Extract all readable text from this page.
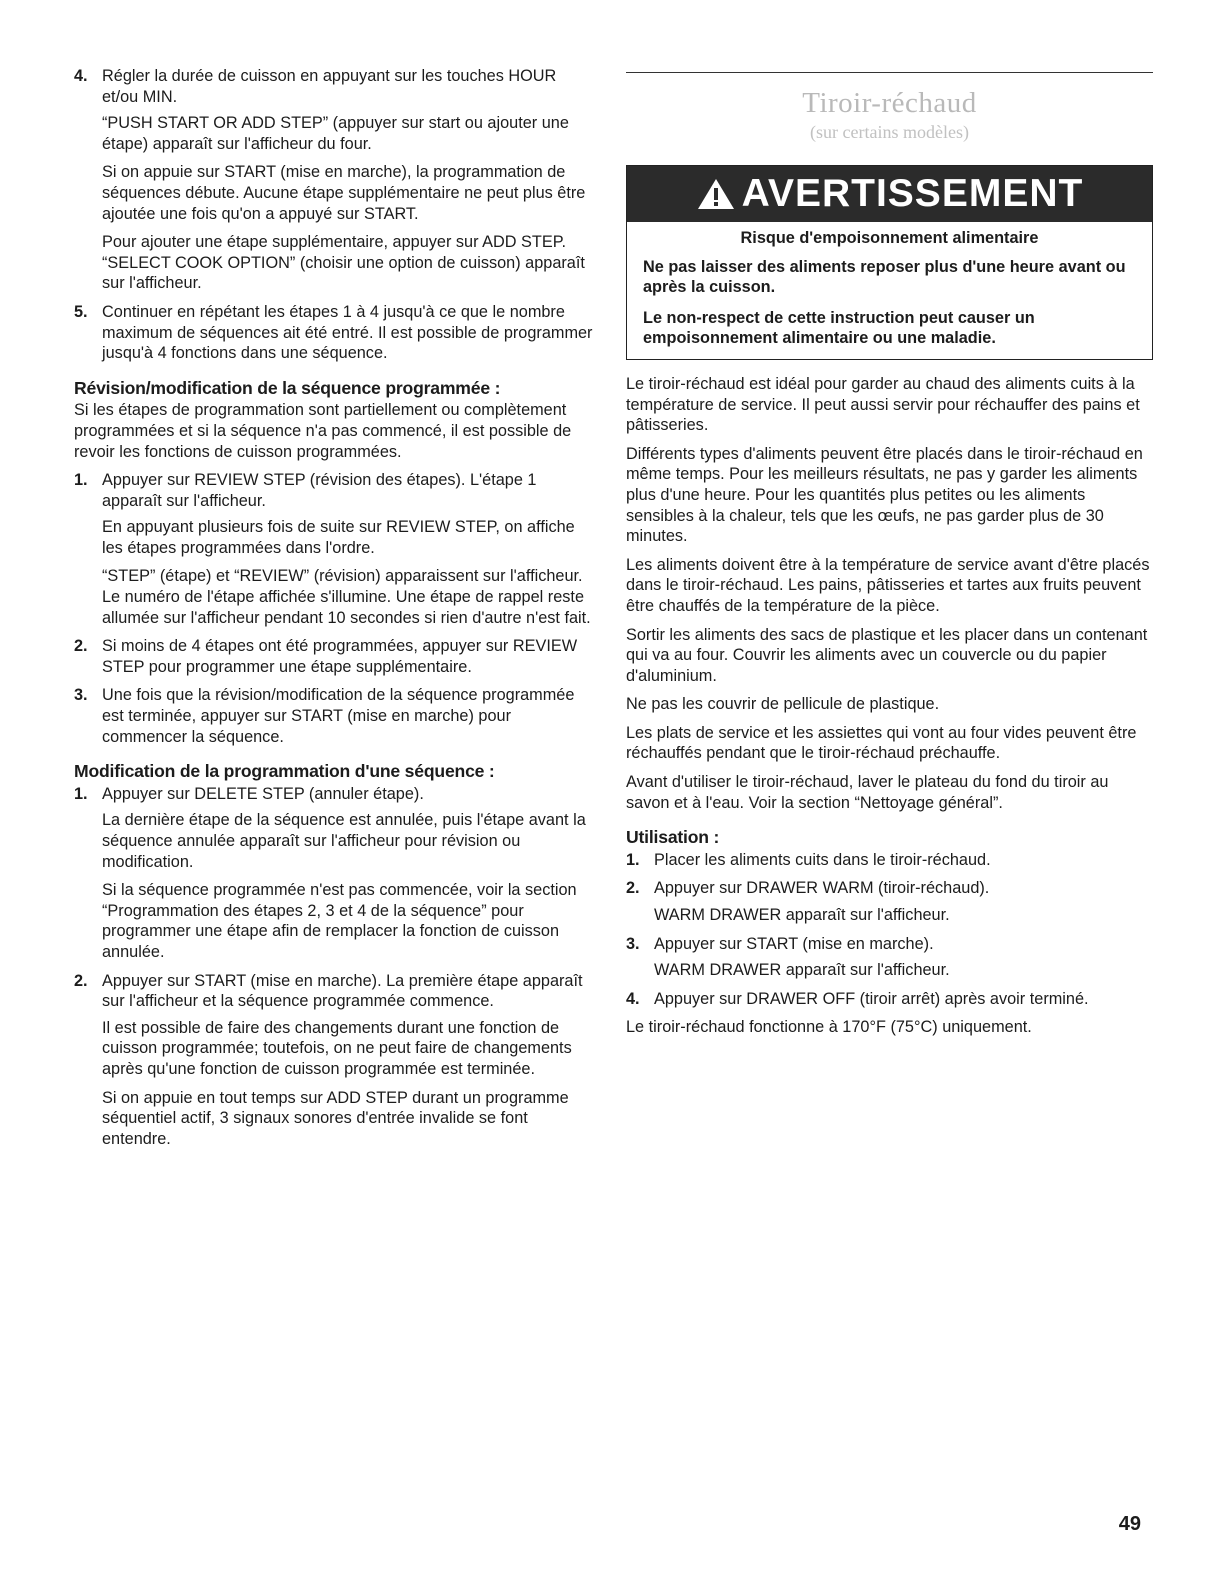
4. Régler la durée de cuisson en appuyant sur les touches HOUR et/ou MIN.

“PUSH START OR ADD STEP” (appuyer sur start ou ajouter une étape) apparaît sur l'afficheur du four.

Si on appuie sur START (mise en marche), la programmation de séquences débute. Aucune étape supplémentaire ne peut plus être ajoutée une fois qu'on a appuyé sur START.

Pour ajouter une étape supplémentaire, appuyer sur ADD STEP. “SELECT COOK OPTION” (choisir une option de cuisson) apparaît sur l'afficheur.

5. Continuer en répétant les étapes 1 à 4 jusqu'à ce que le nombre maximum de séquences ait été entré. Il est possible de programmer jusqu'à 4 fonctions dans une séquence.
Révision/modification de la séquence programmée :

Si les étapes de programmation sont partiellement ou complètement programmées et si la séquence n'a pas commencé, il est possible de revoir les fonctions de cuisson programmées.

1. Appuyer sur REVIEW STEP (révision des étapes). L'étape 1 apparaît sur l'afficheur.

En appuyant plusieurs fois de suite sur REVIEW STEP, on affiche les étapes programmées dans l'ordre.

“STEP” (étape) et “REVIEW” (révision) apparaissent sur l'afficheur. Le numéro de l'étape affichée s'illumine. Une étape de rappel reste allumée sur l'afficheur pendant 10 secondes si rien d'autre n'est fait.

2. Si moins de 4 étapes ont été programmées, appuyer sur REVIEW STEP pour programmer une étape supplémentaire.
3. Une fois que la révision/modification de la séquence programmée est terminée, appuyer sur START (mise en marche) pour commencer la séquence.
Modification de la programmation d'une séquence :
1. Appuyer sur DELETE STEP (annuler étape).

La dernière étape de la séquence est annulée, puis l'étape avant la séquence annulée apparaît sur l'afficheur pour révision ou modification.

Si la séquence programmée n'est pas commencée, voir la section “Programmation des étapes 2, 3 et 4 de la séquence” pour programmer une étape afin de remplacer la fonction de cuisson annulée.

2. Appuyer sur START (mise en marche). La première étape apparaît sur l'afficheur et la séquence programmée commence.

Il est possible de faire des changements durant une fonction de cuisson programmée; toutefois, on ne peut faire de changements après qu'une fonction de cuisson programmée est terminée.

Si on appuie en tout temps sur ADD STEP durant un programme séquentiel actif, 3 signaux sonores d'entrée invalide se font entendre.

Tiroir-réchaud
(sur certains modèles)
AVERTISSEMENT
Risque d'empoisonnement alimentaire

Ne pas laisser des aliments reposer plus d'une heure avant ou après la cuisson.

Le non-respect de cette instruction peut causer un empoisonnement alimentaire ou une maladie.

Le tiroir-réchaud est idéal pour garder au chaud des aliments cuits à la température de service. Il peut aussi servir pour réchauffer des pains et pâtisseries.

Différents types d'aliments peuvent être placés dans le tiroir-réchaud en même temps. Pour les meilleurs résultats, ne pas y garder les aliments plus d'une heure. Pour les quantités plus petites ou les aliments sensibles à la chaleur, tels que les œufs, ne pas garder plus de 30 minutes.

Les aliments doivent être à la température de service avant d'être placés dans le tiroir-réchaud. Les pains, pâtisseries et tartes aux fruits peuvent être chauffés de la température de la pièce.

Sortir les aliments des sacs de plastique et les placer dans un contenant qui va au four. Couvrir les aliments avec un couvercle ou du papier d'aluminium.

Ne pas les couvrir de pellicule de plastique.

Les plats de service et les assiettes qui vont au four vides peuvent être réchauffés pendant que le tiroir-réchaud préchauffe.

Avant d'utiliser le tiroir-réchaud, laver le plateau du fond du tiroir au savon et à l'eau. Voir la section “Nettoyage général”.

Utilisation :
1. Placer les aliments cuits dans le tiroir-réchaud.
2. Appuyer sur DRAWER WARM (tiroir-réchaud).

WARM DRAWER apparaît sur l'afficheur.

3. Appuyer sur START (mise en marche).

WARM DRAWER apparaît sur l'afficheur.

4. Appuyer sur DRAWER OFF (tiroir arrêt) après avoir terminé.

Le tiroir-réchaud fonctionne à 170°F (75°C) uniquement.

49
